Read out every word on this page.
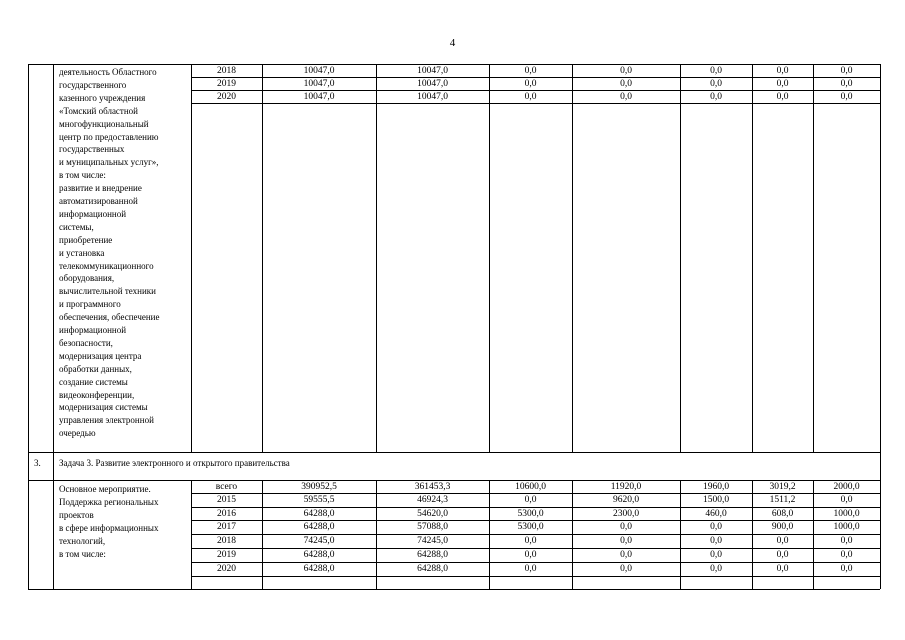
4
деятельность Областного
государственного
казенного учреждения
«Томский областной
многофункциональный
центр по предоставлению
государственных
и муниципальных услуг»,
в том числе:
развитие и внедрение
автоматизированной
информационной
системы,
приобретение
и установка
телекоммуникационного
оборудования,
вычислительной техники
и программного
обеспечения, обеспечение
информационной
безопасности,
модернизация центра
обработки данных,
создание системы
видеоконференции,
модернизация системы
управления электронной
очередью
2018	10047,0	10047,0	0,0	0,0	0,0	0,0	0,0
2019	10047,0	10047,0	0,0	0,0	0,0	0,0	0,0
2020	10047,0	10047,0	0,0	0,0	0,0	0,0	0,0
3. Задача 3. Развитие электронного и открытого правительства
Основное мероприятие.
Поддержка региональных
проектов
в сфере информационных
технологий,
в том числе:
всего	390952,5	361453,3	10600,0	11920,0	1960,0	3019,2	2000,0
2015	59555,5	46924,3	0,0	9620,0	1500,0	1511,2	0,0
2016	64288,0	54620,0	5300,0	2300,0	460,0	608,0	1000,0
2017	64288,0	57088,0	5300,0	0,0	0,0	900,0	1000,0
2018	74245,0	74245,0	0,0	0,0	0,0	0,0	0,0
2019	64288,0	64288,0	0,0	0,0	0,0	0,0	0,0
2020	64288,0	64288,0	0,0	0,0	0,0	0,0	0,0
